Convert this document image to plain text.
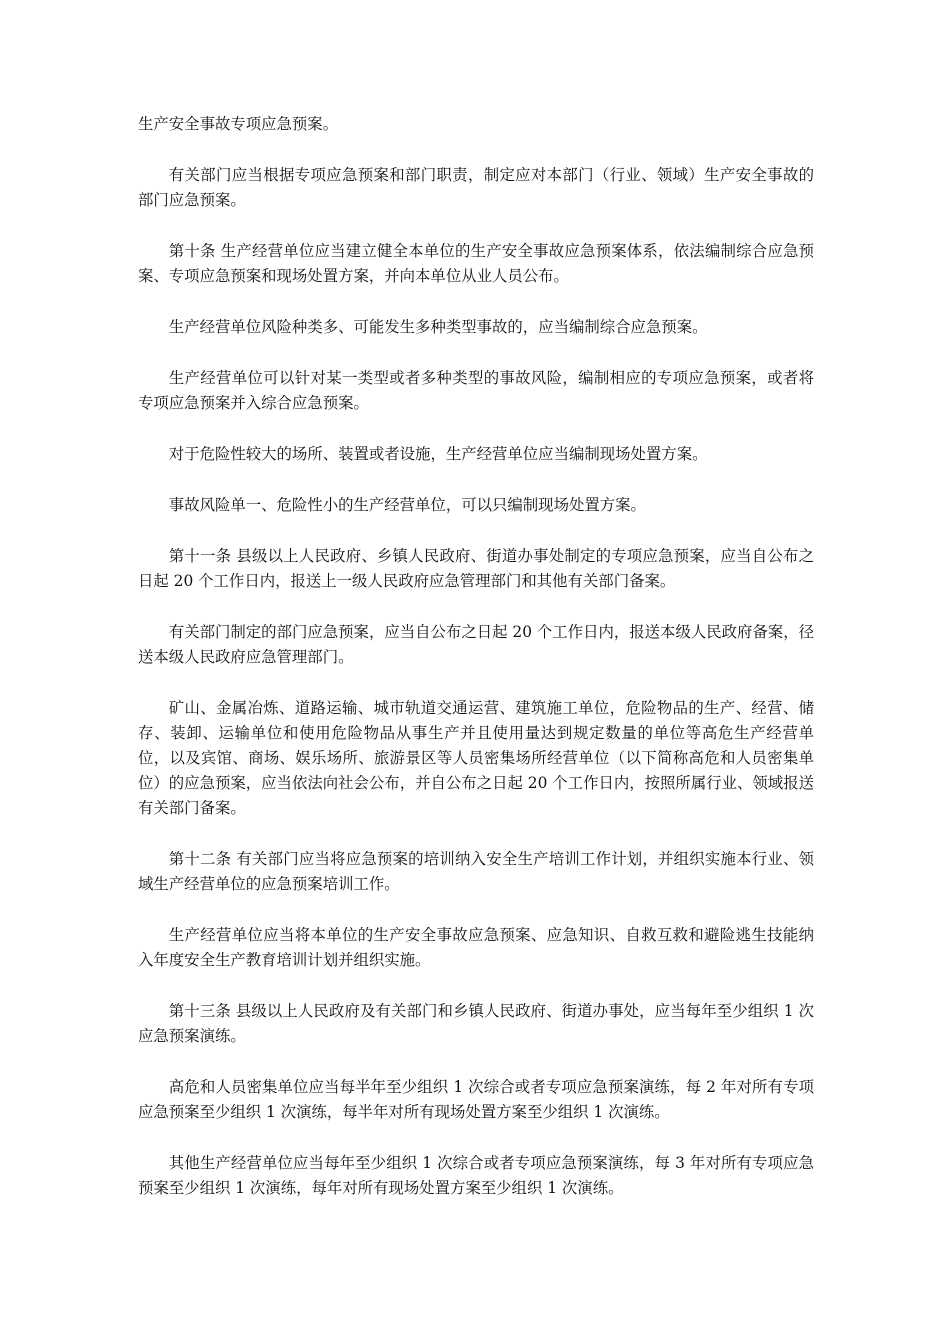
生产安全事故专项应急预案。

有关部门应当根据专项应急预案和部门职责，制定应对本部门（行业、领域）生产安全事故的部门应急预案。

第十条 生产经营单位应当建立健全本单位的生产安全事故应急预案体系，依法编制综合应急预案、专项应急预案和现场处置方案，并向本单位从业人员公布。

生产经营单位风险种类多、可能发生多种类型事故的，应当编制综合应急预案。

生产经营单位可以针对某一类型或者多种类型的事故风险，编制相应的专项应急预案，或者将专项应急预案并入综合应急预案。

对于危险性较大的场所、装置或者设施，生产经营单位应当编制现场处置方案。

事故风险单一、危险性小的生产经营单位，可以只编制现场处置方案。

第十一条 县级以上人民政府、乡镇人民政府、街道办事处制定的专项应急预案，应当自公布之日起 20 个工作日内，报送上一级人民政府应急管理部门和其他有关部门备案。

有关部门制定的部门应急预案，应当自公布之日起 20 个工作日内，报送本级人民政府备案，径送本级人民政府应急管理部门。

矿山、金属冶炼、道路运输、城市轨道交通运营、建筑施工单位，危险物品的生产、经营、储存、装卸、运输单位和使用危险物品从事生产并且使用量达到规定数量的单位等高危生产经营单位，以及宾馆、商场、娱乐场所、旅游景区等人员密集场所经营单位（以下简称高危和人员密集单位）的应急预案，应当依法向社会公布，并自公布之日起 20 个工作日内，按照所属行业、领域报送有关部门备案。

第十二条 有关部门应当将应急预案的培训纳入安全生产培训工作计划，并组织实施本行业、领域生产经营单位的应急预案培训工作。

生产经营单位应当将本单位的生产安全事故应急预案、应急知识、自救互救和避险逃生技能纳入年度安全生产教育培训计划并组织实施。

第十三条 县级以上人民政府及有关部门和乡镇人民政府、街道办事处，应当每年至少组织 1 次应急预案演练。

高危和人员密集单位应当每半年至少组织 1 次综合或者专项应急预案演练，每 2 年对所有专项应急预案至少组织 1 次演练，每半年对所有现场处置方案至少组织 1 次演练。

其他生产经营单位应当每年至少组织 1 次综合或者专项应急预案演练，每 3 年对所有专项应急预案至少组织 1 次演练，每年对所有现场处置方案至少组织 1 次演练。
